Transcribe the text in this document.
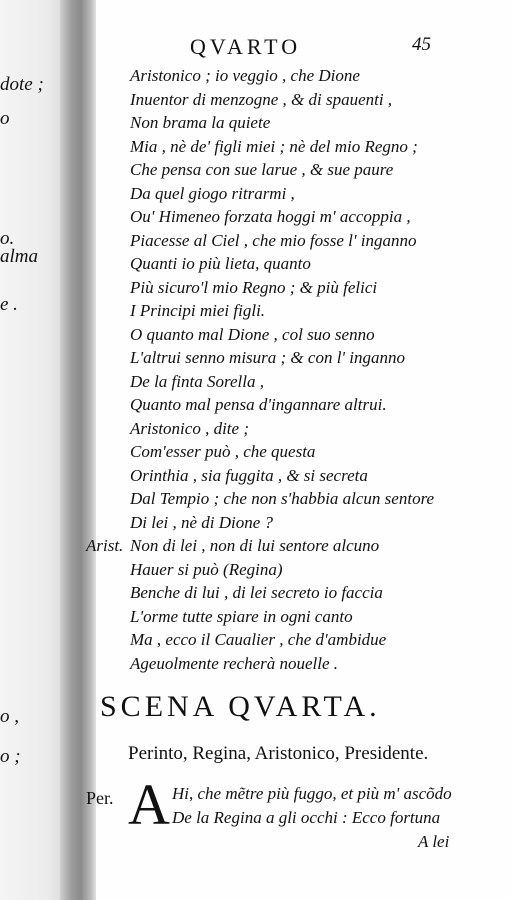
dote ;
o
o.
alma
e .
o ,
o ;
QVARTO	45
Aristonico ; io veggio , che Dione
Inuentor di menzogne , & di spauenti ,
Non brama la quiete
Mia , nè de' figli miei ; nè del mio Regno ;
Che pensa con sue larue , & sue paure
Da quel giogo ritrarmi ,
Ou' Himeneo forzata hoggi m' accoppia ,
Piacesse al Ciel , che mio fosse l' inganno
Quanti io più lieta, quanto
Più sicuro'l mio Regno ; & più felici
I Principi miei figli.
O quanto mal Dione , col suo senno
L'altrui senno misura ; & con l' inganno
De la finta Sorella ,
Quanto mal pensa d'ingannare altrui.
Aristonico , dite ;
Com'esser può , che questa
Orinthia , sia fuggita , & si secreta
Dal Tempio ; che non s'habbia alcun sentore
Di lei , nè di Dione ?
Arist. Non di lei , non di lui sentore alcuno
Hauer si può (Regina)
Benche di lui , di lei secreto io faccia
L'orme tutte spiare in ogni canto
Ma , ecco il Caualier , che d'ambidue
Ageuolmente recherà nouelle .
SCENA QVARTA.
Perinto, Regina, Aristonico, Presidente.
Per. A Hi, che mẽtre più fuggo, et più m' ascõdo
De la Regina a gli occhi : Ecco fortuna
A lei
